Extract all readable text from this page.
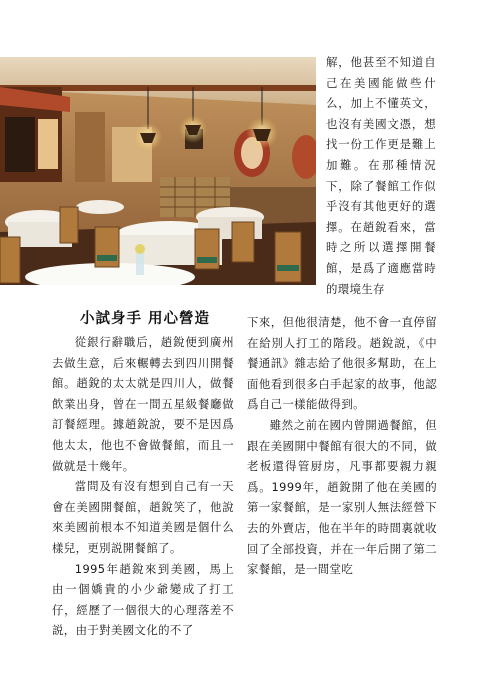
解，他甚至不知道自己在美國能做些什么，加上不懂英文，也沒有美國文憑，想找一份工作更是難上加難。在那種情況下，除了餐館工作似乎沒有其他更好的選擇。在趙銳看來，當時之所以選擇開餐館，是爲了適應當時的環境生存

小試身手 用心營造

從銀行辭職后，趙銳便到廣州去做生意，后來輾轉去到四川開餐館。趙銳的太太就是四川人，做餐飲業出身，曾在一間五星級餐廳做訂餐經理。據趙銳說，要不是因爲他太太，他也不會做餐館，而且一做就是十幾年。

當問及有沒有想到自己有一天會在美國開餐館，趙銳笑了，他說來美國前根本不知道美國是個什么樣兒，更別説開餐館了。

1995年趙銳來到美國，馬上由一個嬌貴的小少爺變成了打工仔，經歷了一個很大的心理落差不説，由于對美國文化的不了

下來，但他很清楚，他不會一直停留在給別人打工的階段。趙銳説，《中餐通訊》雜志給了他很多幫助，在上面他看到很多白手起家的故事，他認爲自己一樣能做得到。

雖然之前在國内曾開過餐館，但跟在美國開中餐館有很大的不同，做老板還得管厨房，凡事都要親力親爲。1999年，趙銳開了他在美國的第一家餐館，是一家别人無法經營下去的外賣店，他在半年的時間裏就收回了全部投資，并在一年后開了第二家餐館，是一間堂吃
